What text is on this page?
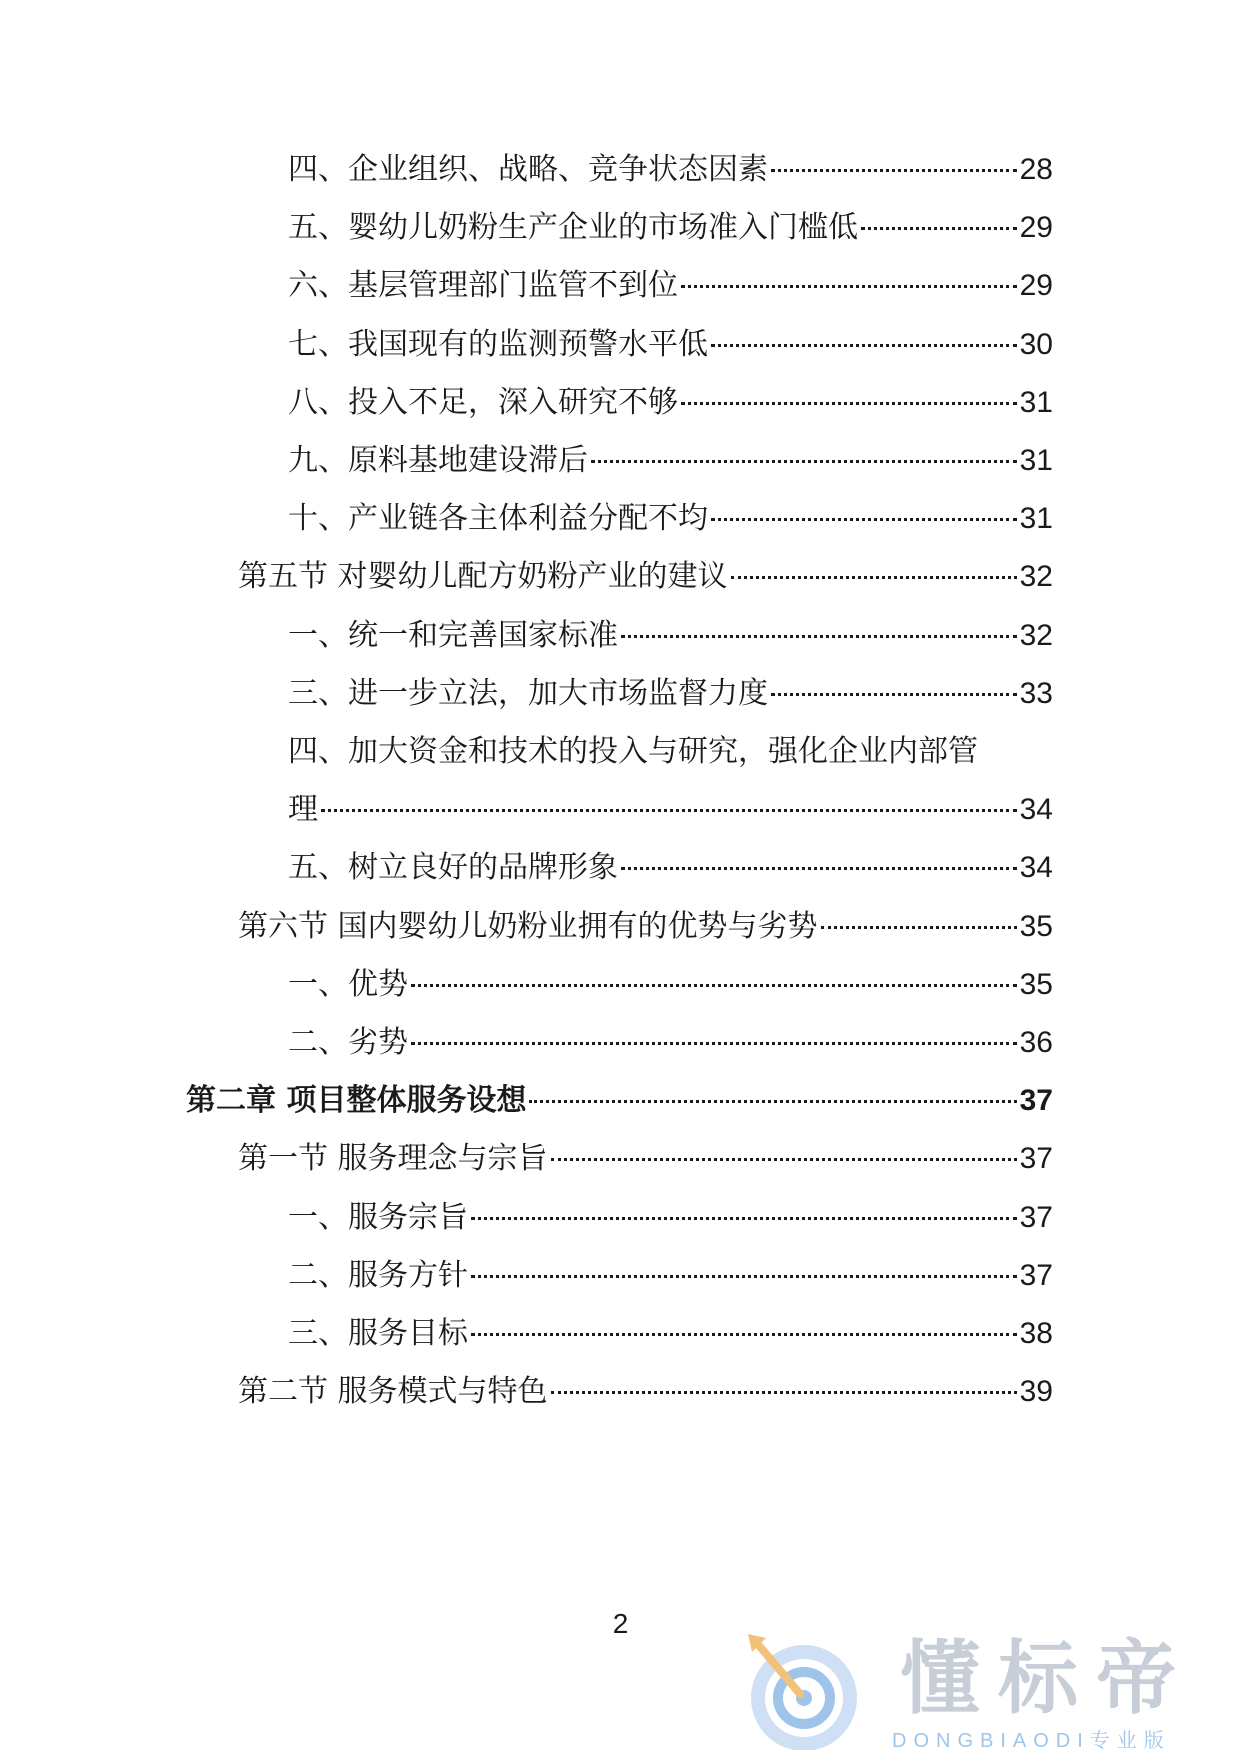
四、企业组织、战略、竞争状态因素	28
五、婴幼儿奶粉生产企业的市场准入门槛低	29
六、基层管理部门监管不到位	29
七、我国现有的监测预警水平低	30
八、投入不足，深入研究不够	31
九、原料基地建设滞后	31
十、产业链各主体利益分配不均	31
第五节 对婴幼儿配方奶粉产业的建议	32
一、统一和完善国家标准	32
三、进一步立法，加大市场监督力度	33
四、加大资金和技术的投入与研究，强化企业内部管
理	34
五、树立良好的品牌形象	34
第六节 国内婴幼儿奶粉业拥有的优势与劣势	35
一、优势	35
二、劣势	36
第二章 项目整体服务设想	37
第一节 服务理念与宗旨	37
一、服务宗旨	37
二、服务方针	37
三、服务目标	38
第二节 服务模式与特色	39
2
懂标帝
DONGBIAODI专业版
